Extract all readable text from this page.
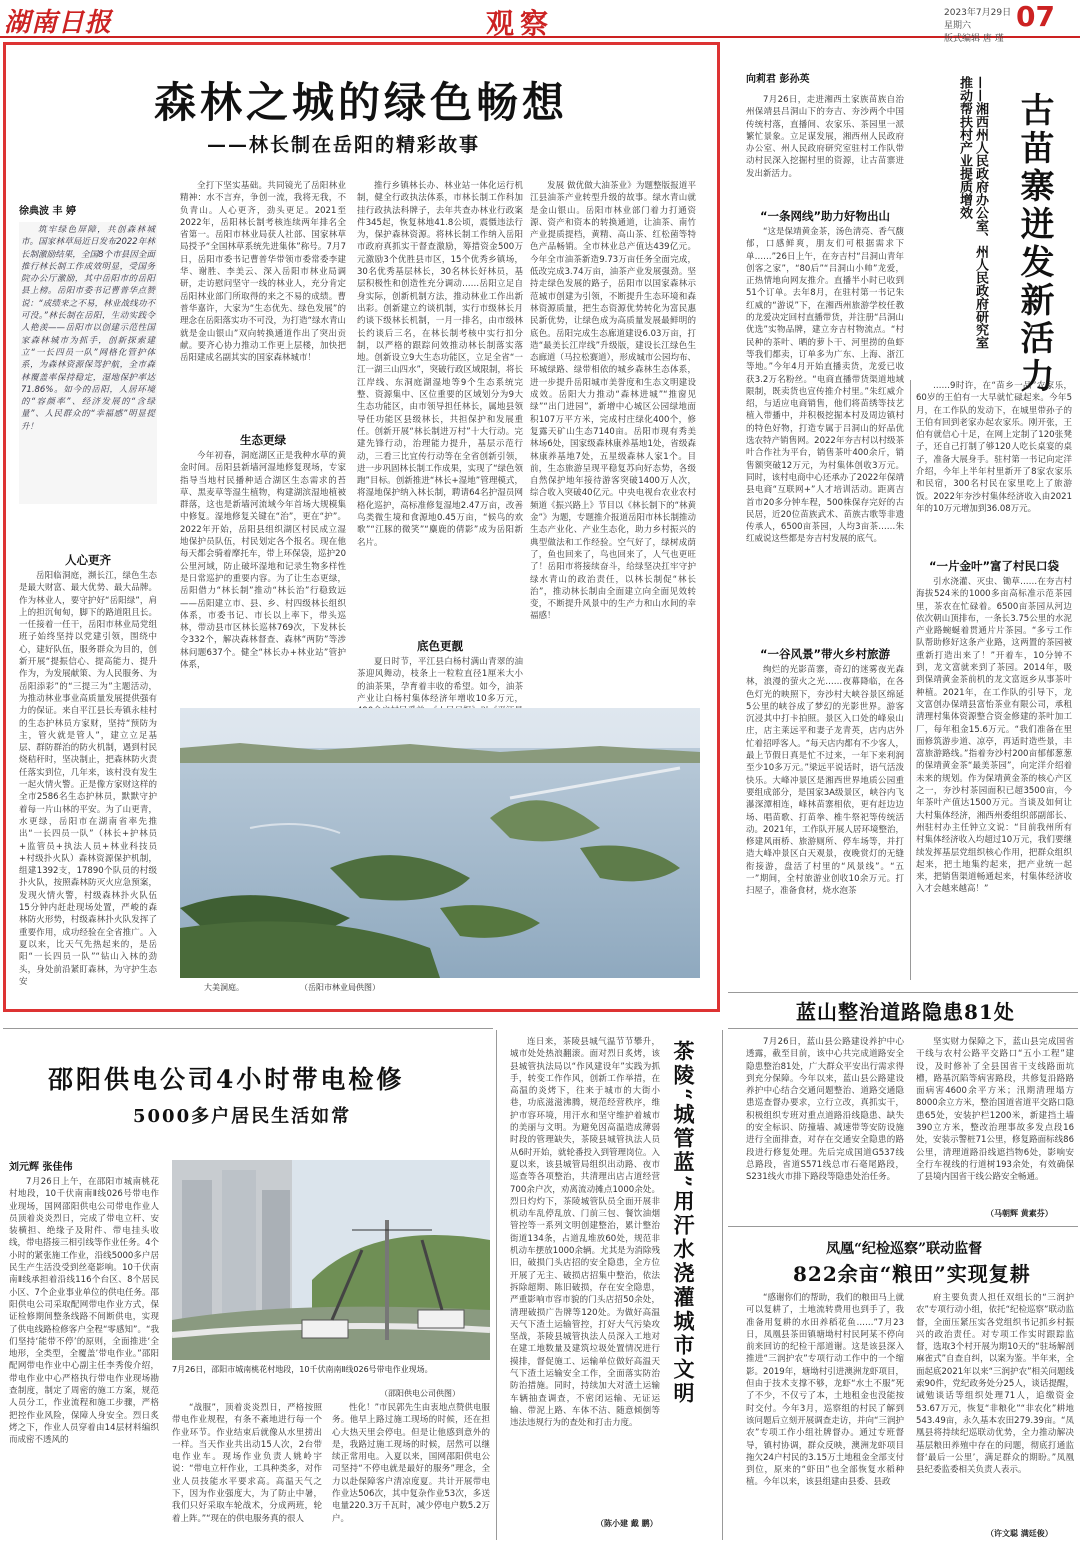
湖南日报	观察	2023年7月29日 星期六
版式编辑 唐 瑾
07
森林之城的绿色畅想
——林长制在岳阳的精彩故事
徐典波 丰 婷

筑牢绿色屏障，共创森林城市。国家林草局近日发布2022年林长制激励结果，全国8个市县因全面推行林长制工作成效明显，受国务院办公厅激励，其中岳阳市的岳阳县上榜。岳阳市委书记曹普华点赞说：“成绩来之不易，林业战线功不可没。”林长制在岳阳，生动实践令人艳羡——岳阳市以创建示范性国家森林城市为抓手，创新探索建立“一长四员一队”网格化管护体系，为森林资源保驾护航，全市森林覆盖率保持稳定，湿地保护率达71.86%。如今的岳阳，人居环境的“容颜率”、经济发展的“含绿量”、人民群众的“幸福感”明显提升！

人心更齐

岳阳临洞庭，濒长江，绿色生态是最大财富、最大优势、最大品牌。作为林业人，要守护好“岳阳绿”，肩上的担沉甸甸，脚下的路道阻且长。一任接着一任干，岳阳市林业局党组班子始终坚持以党建引领，围绕中心，建好队伍，服务群众为目的，创新开展“提振信心、提高能力、提升作为，为发展献策、为人民服务、为岳阳添彩”的“三提三为”主题活动，为推动林业事业高质量发展提供强有力的保证。来自平江县长寿镇永桂村的生态护林员方家财，坚持“预防为主，管火就是管人”，建立立足基层、群防群治的防火机制，遇到村民烧秸秆时，坚决制止，把森林防火责任落实到位，几年来，该村没有发生一起火情火警。正是像方家财这样的全市2586名生态护林员，默默守护着每一片山林的平安。为了山更青，水更绿，岳阳市在湖南省率先推出“一长四员一队”（林长+护林员+监管员+执法人员+林业科技员+村级扑火队）森林资源保护机制，组建1392支，17890个队员的村级扑火队，按照森林防灭火应急预案，发现火情火警，村级森林扑火队伍15分钟内赶赴现场处置，严峻的森林防火形势，村级森林扑火队发挥了重要作用，成功经验在全省推广。入夏以来，比天气先热起来的，是岳阳“一长四员一队”“钻山入林的劲头，身处前沿紧盯森林，为守护生态安

全打下坚实基础。共同镜光了岳阳林业精神：水不言弃，争创一流，我将无我，不负青山。人心更齐，劲头更足。2021至2022年，岳阳林长制考核连续两年排名全省第一。岳阳市林业局获人社部、国家林草局授予“全国林草系统先进集体”称号。7月7日，岳阳市委书记曹普华带领市委常委李建华、谢胜、李美云、深入岳阳市林业局调研，走访慰问坚守一线的林业人，充分肯定岳阳林业部门所取得的来之不易的成绩。曹普华嘉许，大家为“生态优先、绿色发展”的理念在岳阳落实功不可没，为打造“绿水青山就是金山银山”双向转换通道作出了突出贡献。要齐心协力推动工作更上层楼，加快把岳阳建成名副其实的国家森林城市！

生态更绿

今年初春，洞庭湖区正是我种水草的黄金时间。岳阳县新墙河湿地修复现场，专家指导当地村民播种适合湖区生态需求的苔草、黑麦草等湿生植物，构建湖滨湿地植被群落，这也是新墙河流域今年首场大规模集中修复。湿地修复关键在“治”，更在“护”。2022年开始，岳阳县组织湖区村民成立湿地保护员队伍，村民划定各个报名。现在他每天都会骑着摩托车，带上环保袋，巡护20公里河域，防止破坏湿地和记录生物多样性是日常巡护的重要内容。为了让生态更绿，岳阳借力“林长制”推动“林长治”行稳致远——岳阳建立市、县、乡、村四级林长组织体系，市委书记、市长以上率下，带头巡林，带动县市区林长巡林769次，下发林长令332个，解决森林督查、森林“两防”等涉林问题637个。健全“林长办+林业站”管护体系，

推行乡镇林长办、林业站一体化运行机制，健全行政执法体系，市林长制工作科加挂行政执法科牌子，去年共查办林业行政案件345起，恢复林地41.8公顷，震慑违法行为，保护森林资源。将林长制工作纳入岳阳市政府真抓实干督查激励，筹措资金500万元激励3个优胜县市区，15个优秀乡镇场，30名优秀基层林长，30名林长好林员，基层积极性和创造性充分调动……岳阳立足自身实际，创新机制方法，推动林业工作出新出彩。创新建立约谈机制，实行市级林长月约谈下级林长机制，一月一排名，由市级林长约谈后三名，在林长制考核中实行扣分制，以严格的跟踪问效推动林长制落实落地。创新设立9大生态功能区，立足全省“一江一湖三山四水”，突破行政区域限制，将长江岸线、东洞庭湖湿地等9个生态系统完整、资源集中、区位重要的区域划分为9大生态功能区，由市领导担任林长，属地县领导任功能区县级林长，共担保护和发展重任。创新开展“林长制进万村”十大行动。完建先锋行动，治理能力提升，基层示范行动，三看三比宜传行动等在全省创新引领，进一步巩固林长制工作成果，实现了“绿色领跑”目标。创新推进“林长+湿地”管理模式，将湿地保护纳入林长制，聘请64名护湿员网格化巡护，高标准修复湿地2.47万亩，改善鸟类微生境和食源地0.45万亩，“候鸟的欢歌”“江豚的微笑”“麋鹿的倩影”成为岳阳新名片。

底色更靓

夏日时节，平江县白杨村满山青翠的油茶迎风舞动，枝条上一粒粒直径1厘米大小的油茶果，孕育着丰收的希望。如今，油茶产业让白杨村集体经济年增收10多万元，

发展 做优做大油茶业》为题整版报道平江县油茶产业转型升级的故事。绿水青山就是金山银山。岳阳市林业部门着力打通资源、资产和资本的转换通道，让油茶、南竹产业提质提档，黄精、高山茶、红松菌等特色产品畅销。全市林业总产值达439亿元。今年全市油茶新造9.73万亩任务全面完成，低改完成3.74万亩，油茶产业发展强劲。坚持走绿色发展的路子，岳阳市以国家森林示范城市创建为引领，不断提升生态环境和森林资源质量，把生态资源优势转化为富民惠民新优势，让绿色成为高质量发展最鲜明的底色。岳阳完成生态廊道建设6.03万亩，打造“最美长江岸线”升级版，建设长江绿色生态廊道（马拉松赛道），形成城市公园均布、环城绿路、绿带相依的城乡森林生态体系，进一步提升岳阳城市美誉度和生态文明建设成效。岳阳大力推动“森林进城”“推窗见绿”“出门进园”，新增中心城区公园绿地面积107万平方米，完成村庄绿化400个，修复露天矿山生态7140亩。岳阳市现有秀美林场6处，国家级森林康养基地1处，省级森林康养基地7处，五星级森林人家1个。目前，生态旅游呈现平稳复苏向好态势，各级自然保护地年接待游客突破1400万人次，综合收入突破40亿元。中央电视台农业农村频道《振兴路上》节目以《林长制下的“林黄金”》为题，专题推介报道岳阳市林长制推动生态产业化、产业生态化，助力乡村振兴的典型做法和工作经验。空气好了，绿树成荫了，鱼也回来了，鸟也回来了，人气也更旺了！岳阳市将接续奋斗，给绿坚决扛牢守护绿水青山的政治责任，以林长制促“林长治”，推动林长制由全面建立向全面见效转变，不断提升风景中的生产力和山水间的幸福感！

大美洞庭。	（岳阳市林业局供图）
向莉君 彭孙英
古苗寨迸发新活力
——湘西州人民政府办公室、州人民政府研究室推动帮扶村产业提质增效

7月26日，走进湘西土家族苗族自治州保靖县吕洞山下的夯吉、夯沙两个中国传统村落，直播间、农家乐、茶园里一派繁忙景象。立足谋发展，湘西州人民政府办公室、州人民政府研究室驻村工作队带动村民深入挖掘村里的资源，让古苗寨迸发出新活力。

“一条网线”助力好物出山

“这是保靖黄金茶，汤色清亮、香气馥郁，口感鲜爽，朋友们可根据需求下单……”26日上午，在夯吉村“吕洞山青年创客之家”，“80后”“吕洞山小帅”龙爱，正热情地向网友推介。直播半小时已收到51个订单。去年8月，在驻村第一书记朱红威的“游说”下，在湘西州旅游学校任教的龙爱决定回村直播带货，并注册“吕洞山优选”实物品牌，建立夯吉村物流点。“村民种的茶叶、晒的萝卜干、河里捞的鱼虾等我们都卖，订单多为广东、上海、浙江等地。”今年4月开始直播卖货，龙爱已收获3.2万名粉丝。“电商直播带货渠道地域限制，既卖货也宣传推介村里。”朱红威介绍，与适应电商销售，他们将苗绣等技艺植入带播中，并积极挖掘本村及周边镇村的特色好物，打造专属于吕洞山的好品优选农特产销售网。2022年夯吉村以村级茶叶合作社为平台，销售茶叶400余斤，销售额突破12万元，为村集体创收3万元。同时，该村电商中心还承办了2022年保靖县电商“互联网+”人才培训活动。距离吉首市20多分钟车程，500株保存完好的古民居，近20位苗族武术、苗族古歌等非遗传承人，6500亩茶园，人均3亩茶……朱红威说这些都是夯吉村发展的底气。

“一谷风景”带火乡村旅游

绚烂的光影苗寨，奇幻的迷雾夜光森林，浪漫的萤火之光……夜幕降临，在各色灯光的映照下，夯沙村大峡谷景区绵延5公里的峡谷成了梦幻的光影世界。游客沉浸其中打卡拍照。景区入口处的峰泉山庄，店主莱远平和妻子龙青英，店内店外忙着招呼客人。“每天店内都有不少客人，最上节假日真是忙不过来，一年下来利润至少10多万元。”梁远平说话时，语气活泼快乐。大峰冲景区是湘西世界地质公园重要组成部分，是国家3A级景区，峡谷内飞瀑深潭相连，峰林苗寨相依，更有赶边边场、唱苗歌、打苗拳、椎牛祭祀等传统活动。2021年，工作队开展人居环境整治，修建风雨桥、旅游厕所、停车场等，并打造大峰冲景区白天观景，夜晚赏灯的无缝衔接游，盘活了村里的“风景线”。“五一”期间，全村旅游业创收10余万元。打扫屋子，准备食材，烧水泡茶

……9时许，在“苗乡一品”农家乐，60岁的王伯有一大早就忙碌起来。今年5月，在工作队的发动下，在城里带孙子的王伯有回到老家办起农家乐。刚开张，王伯有就信心十足，在网上定制了120张凳子，还自己打制了够120人吃长桌宴的桌子，准备大展身手。驻村第一书记向定洋介绍，今年上半年村里新开了8家农家乐和民宿，300名村民在家里吃上了旅游饭。2022年夯沙村集体经济收入由2021年的10万元增加到36.08万元。

“一片金叶”富了村民口袋

引水浇灌、灭虫、锄草……在夯吉村海拔524米的1000多亩高标准示范茶园里，茶农在忙碌着。6500亩茶园从河边依次朝山顶排布，一条长3.75公里的水泥产业路蜿蜒着贯通片片茶园。“多亏工作队帮助修好这条产业路，这两置的茶园被重新打造出来了！”开着车，10分钟不到，龙文富就来到了茶园。2014年，吸到保靖黄金茶前机的龙文富返乡从事茶叶种植。2021年，在工作队的引导下，龙文富创办保靖县富怡茶业有限公司，承租清理村集体资源整合资金修建的茶叶加工厂，每年租金15.6万元。“我们准备在里面修筑游步道、凉亭，再适时造些景，丰富旅游路线。”指着夯沙村200亩郁郁葱葱的保靖黄金茶“最美茶园”，向定洋介绍着未来的规划。作为保靖黄金茶的核心产区之一，夯沙村茶园面积已超3500亩，今年茶叶产值达1500万元。当谈及如何让大村集体经济，湘西州委组织部副部长、州驻村办主任钟立文说：“目前我州所有村集体经济收入均超过10万元，我们要继续发挥基层党组织核心作用，把群众组织起来，把土地集约起来，把产业统一起来，把销售渠道畅通起来，村集体经济收入才会越来越高！”

蓝山整治道路隐患81处

7月26日，蓝山县公路建设养护中心透露，截至目前，该中心共完成道路安全隐患整治81处，广大群众平安出行需求得到充分保障。今年以来，蓝山县公路建设养护中心结合交通问题整治、道路交通隐患巡查督办要求，立行立改，真抓实干，积极组织专班对重点道路沿线隐患、缺失的安全标识、防撞墙、减速带等安防设施进行全面排查，对存在交通安全隐患的路段进行修复处理。先后完成国道G537线总路段，省道S571线总市石毫尾路段，S231线火市排下路段等隐患处治任务。

坚实财力保障之下，蓝山县完成国省干线与农村公路平交路口“五小工程”建设，及时修补了全县国省干支线路面坑槽，路基沉陷等病害路段，共修复沿路路面病害4600余平方米；汛期清理塌方8000余立方米，整治国道省道平交路口隐患65处，安装护栏1200米，新建挡土墙390立方米，整改治理事故多发点段16处，安装示警桩71公里，修复路面标线86公里，清理道路沿线遮挡物6处，影响安全行车视线的行道树193余处，有效确保了县境内国省干线公路安全畅通。

（马朝辉 黄素芬）
邵阳供电公司4小时带电检修
5000多户居民生活如常
刘元辉 张佳伟

7月26日上午，在邵阳市城南桃花村地段，10千伏南南Ⅱ线026号带电作业现场，国网邵阳供电公司带电作业人员顶着炎炎烈日，完成了带电立杆、安装横担、绝缘子及附件、带电挂头收线，带电搭接三相引线等作业任务。4个小时的紧张施工作业，沿线5000多户居民生产生活没受到丝毫影响。10千伏南南Ⅱ线承担着沿线116个台区、8个居民小区、7个企业事业单位的供电任务。邵阳供电公司采取配网带电作业方式，保证检修期间整条线路不间断供电，实现了供电线路检修客户全程“零感知”。“我们坚持‘能带不停’的原则，全面推进‘全地形，全类型，全覆盖’带电作业。”邵阳配网带电作业中心副主任李秀俊介绍，带电作业中心严格执行带电作业现场勘查制度，制定了周密的施工方案，规范人员分工，作业流程和施工步骤，严格把控作业风险，保障人身安全。烈日炙烤之下，作业人员穿着由14层材料编织而成密不透风的

7月26日，邵阳市城南桃花村地段，10千伏南南Ⅱ线026号带电作业现场。
（邵阳供电公司供图）

“战服”，顶着炎炎烈日，严格按照带电作业规程，有条不紊地进行每一个作业环节。作业结束后就像从水里捞出一样。当天作业共出动15人次，2台带电作业车。现场作业负责人姚岭宇说：“带电立杆作业，工具种类多，对作业人员技能水平要求高。高温天气之下，因为作业强度大，为了防止中暑，我们只好采取车轮战术，分成两班，轮着上阵。”“现在的供电服务真的很人

性化！”市民郭先生由衷地点赞供电服务。他早上路过施工现场的时候，还在担心大热天里会停电。但是让他感到意外的是，我路过施工现场的时候，居然可以继续正常用电。入夏以来，国网邵阳供电公司坚持“不停电就是最好的服务”理念，全力以赴保障客户清凉度夏。共计开展带电作业达506次，其中复杂作业53次，多送电量220.3万千瓦时，减少停电户数5.2万户。

连日来，茶陵县城气温节节攀升，城市处处热浪翻滚。面对烈日炙烤，该县城管执法局以“作风建设年”实践为抓手，转变工作作风，创新工作举措，在高温的炎烤下，往来于城市的大街小巷，功底滋滋沸腾，规范经营秩序，维护市容环境，用汗水和坚守维护着城市的美丽与文明。为避免因高温造成薄弱时段的管理缺失，茶陵县城管执法人员从6时开始，就轮番投入到管理岗位。入夏以来，该县城管局组织出动路、夜市巡查等各项整治，共清理出店占道经营700余户次，劝离流动摊点1000余处。烈日灼灼下，茶陵城管队员全面开展非机动车乱停乱放、门前三包、餐饮油烟管控等一系列文明创建整治，累计整治街道134条，占道乱堆放60处，规范非机动车摆放1000余辆。尤其是为消除残旧，破损门头店招的安全隐患，全方位开展了无主、破损店招集中整治，依法拆除超期、陈旧破损，存在安全隐患，严重影响市容市貌的门头店招50余处，清理破损广告牌等120处。为做好高温天气下渣土运输管控，打好大气污染攻坚战，茶陵县城管执法人员深入工地对在建工地数量及建筑垃圾处置情况进行摸排，督促施工、运输单位做好高温天气下渣土运输安全工作，全面落实防治防治措施。同时，持续加大对渣土运输车辆抽查调查，不密闭运输、无证运输、带泥上路、车体不洁、随意倾倒等违法违规行为的查处和打击力度。

（陈小建 戴 鹏）
茶陵“城管蓝”用汗水浇灌城市文明	凤凰“纪检巡察”联动监督
822余亩“粮田”实现复耕

“感谢你们的帮助，我们的粮田马上就可以复耕了，土地流转费用也到手了，我准备用复耕的水田养稻花鱼……”7月23日，凤凰县茶田镇塘坳村村民阿某不停向前来回访的纪检干部道谢。这是该县深入推进“三润护农”专项行动工作中的一个缩影。2019年，塘坳村引进澳洲龙虾项目，但由于技术支撑不够，龙虾“水土不服”死了不少，不仅亏了本，土地租金也没能按时交付。今年3月，巡察组的村民了解到该问题后立刻开展调查走访，并向“三润护农”专项工作小组社牌督办。通过专班督导，镇村协调，群众反映，澳洲龙虾项目拖欠24户村民的3.15万土地租金全部支付到位，原来的“虾田”也全部恢复水稻种植。今年以来，该县组建由县委、县政

府主要负责人担任双组长的“三润护农”专项行动小组，依托“纪检巡察”联动监督，全面压紧压实各党组织书记抓乡村振兴的政治责任。对专项工作实时跟踪监督，选取3个村开展为期10天的“驻场解剖麻雀式”自查自纠，以案为鉴。半年来，全面起底2021年以来“三润护农”相关问题线索90件，党纪政务处分25人，谈话提醒，诫勉谈话等组织处理71人，追缴资金53.67万元，恢复“非粮化”“非农化”耕地543.49亩，永久基本农田279.39亩。“凤凰县将持续纪巡联动优势，全力推动解决基层粮田养殖中存在的问题，彻底打通监督‘最后一公里’，满足群众的期盼。”凤凰县纪委监委相关负责人表示。

（许文聪 满廷俊）
